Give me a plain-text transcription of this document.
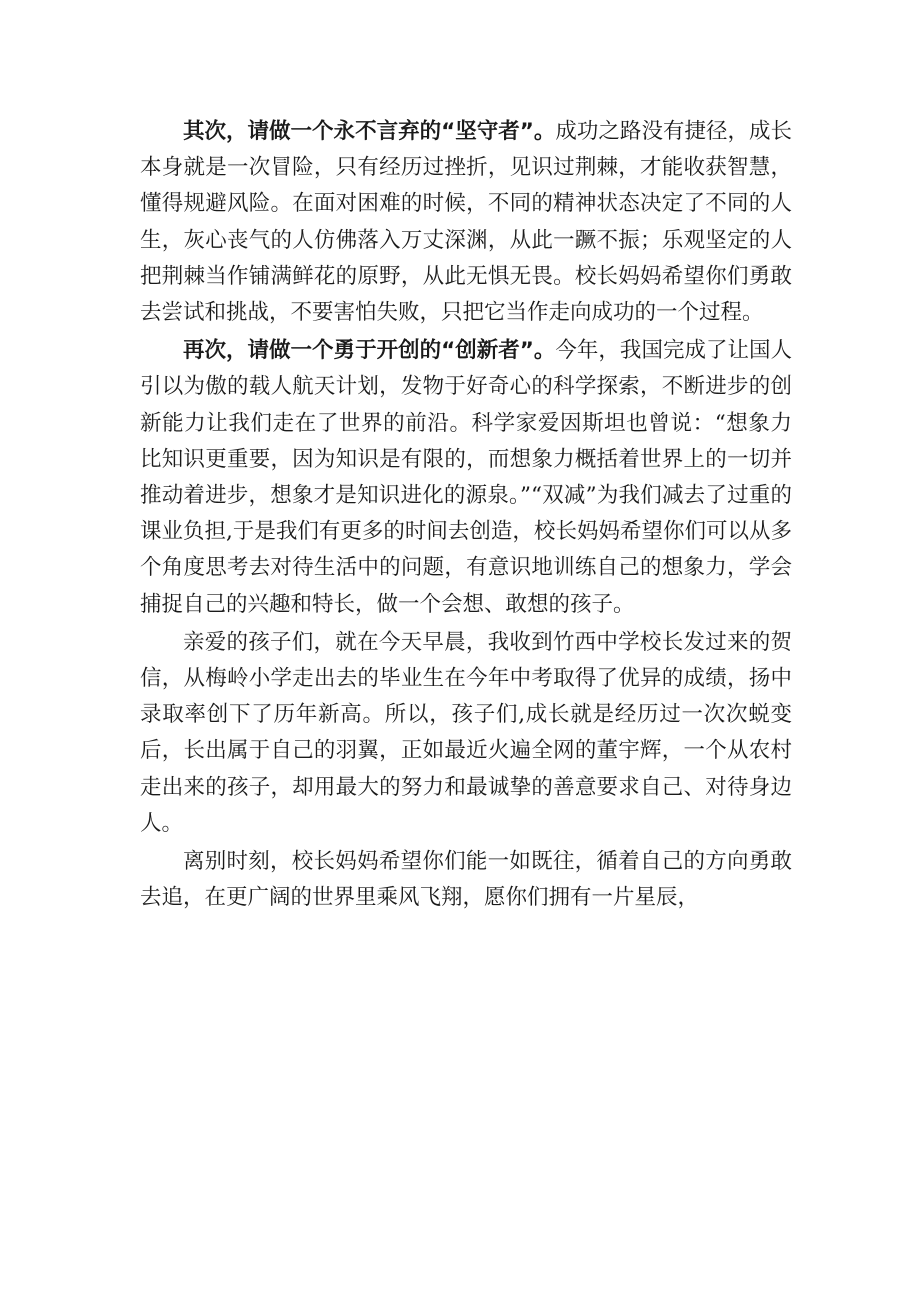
其次，请做一个永不言弃的“坚守者”。成功之路没有捷径，成长本身就是一次冒险，只有经历过挫折，见识过荆棘，才能收获智慧，懂得规避风险。在面对困难的时候，不同的精神状态决定了不同的人生，灰心丧气的人仿佛落入万丈深渊，从此一蹶不振；乐观坚定的人把荆棘当作铺满鲜花的原野，从此无惧无畏。校长妈妈希望你们勇敢去尝试和挑战，不要害怕失败，只把它当作走向成功的一个过程。

再次，请做一个勇于开创的“创新者”。今年，我国完成了让国人引以为傲的载人航天计划，发物于好奇心的科学探索，不断进步的创新能力让我们走在了世界的前沿。科学家爱因斯坦也曾说：“想象力比知识更重要，因为知识是有限的，而想象力概括着世界上的一切并推动着进步，想象才是知识进化的源泉。”“双减”为我们减去了过重的课业负担,于是我们有更多的时间去创造，校长妈妈希望你们可以从多个角度思考去对待生活中的问题，有意识地训练自己的想象力，学会捕捉自己的兴趣和特长，做一个会想、敢想的孩子。

亲爱的孩子们，就在今天早晨，我收到竹西中学校长发过来的贺信，从梅岭小学走出去的毕业生在今年中考取得了优异的成绩，扬中录取率创下了历年新高。所以，孩子们,成长就是经历过一次次蜕变后，长出属于自己的羽翼，正如最近火遍全网的董宇辉，一个从农村走出来的孩子，却用最大的努力和最诚挚的善意要求自己、对待身边人。

离别时刻，校长妈妈希望你们能一如既往，循着自己的方向勇敢去追，在更广阔的世界里乘风飞翔，愿你们拥有一片星辰，
